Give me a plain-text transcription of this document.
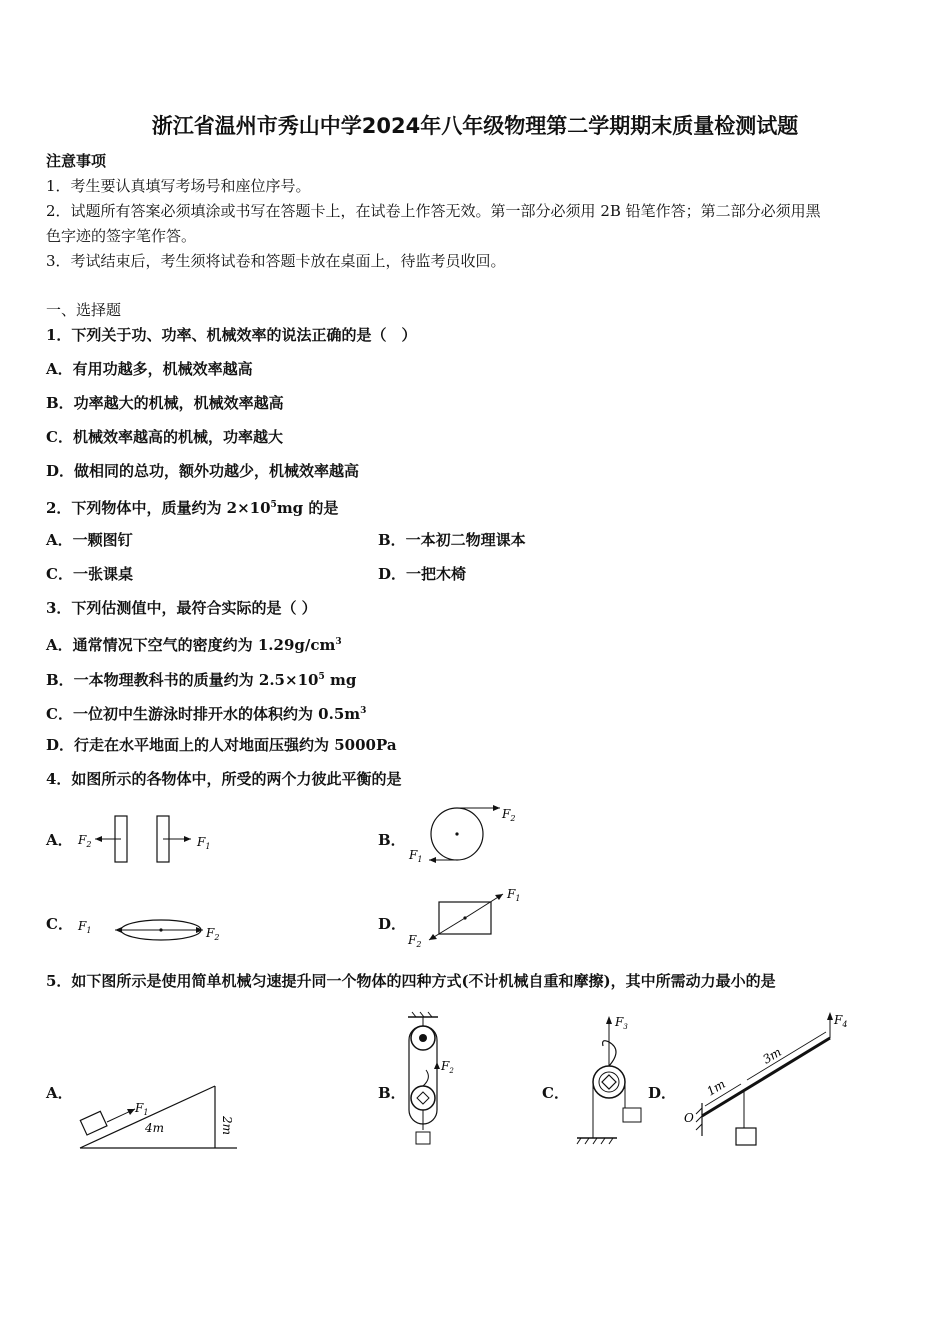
浙江省温州市秀山中学2024年八年级物理第二学期期末质量检测试题
注意事项
1．考生要认真填写考场号和座位序号。
2．试题所有答案必须填涂或书写在答题卡上，在试卷上作答无效。第一部分必须用 2B 铅笔作答；第二部分必须用黑
色字迹的签字笔作答。
3．考试结束后，考生须将试卷和答题卡放在桌面上，待监考员收回。
一、选择题
1．下列关于功、功率、机械效率的说法正确的是（　）
A．有用功越多，机械效率越高
B．功率越大的机械，机械效率越高
C．机械效率越高的机械，功率越大
D．做相同的总功，额外功越少，机械效率越高
2．下列物体中，质量约为 $2\times 10^5mg$ 的是
A．一颗图钉	B．一本初二物理课本
C．一张课桌	D．一把木椅
3．下列估测值中，最符合实际的是（ ）
A．通常情况下空气的密度约为 $1.29g/cm^3$
B．一本物理教科书的质量约为 $2.5\times 10^5$ mg
C．一位初中生游泳时排开水的体积约为 $0.5m^3$
D．行走在水平地面上的人对地面压强约为 5000Pa
4．如图所示的各物体中，所受的两个力彼此平衡的是
A． $F_2$	$F_1$	B．
$F_2$
$F_1$
C． $F_1$	$F_2$
D．
$F_1$
$F_2$
5．如下图所示是使用简单机械匀速提升同一个物体的四种方式(不计机械自重和摩擦)，其中所需动力最小的是
A．
$F_1$
4m	2m
B．
$F_2$
C．
$F_3$
D．
O
$F_4$
1m
3m
